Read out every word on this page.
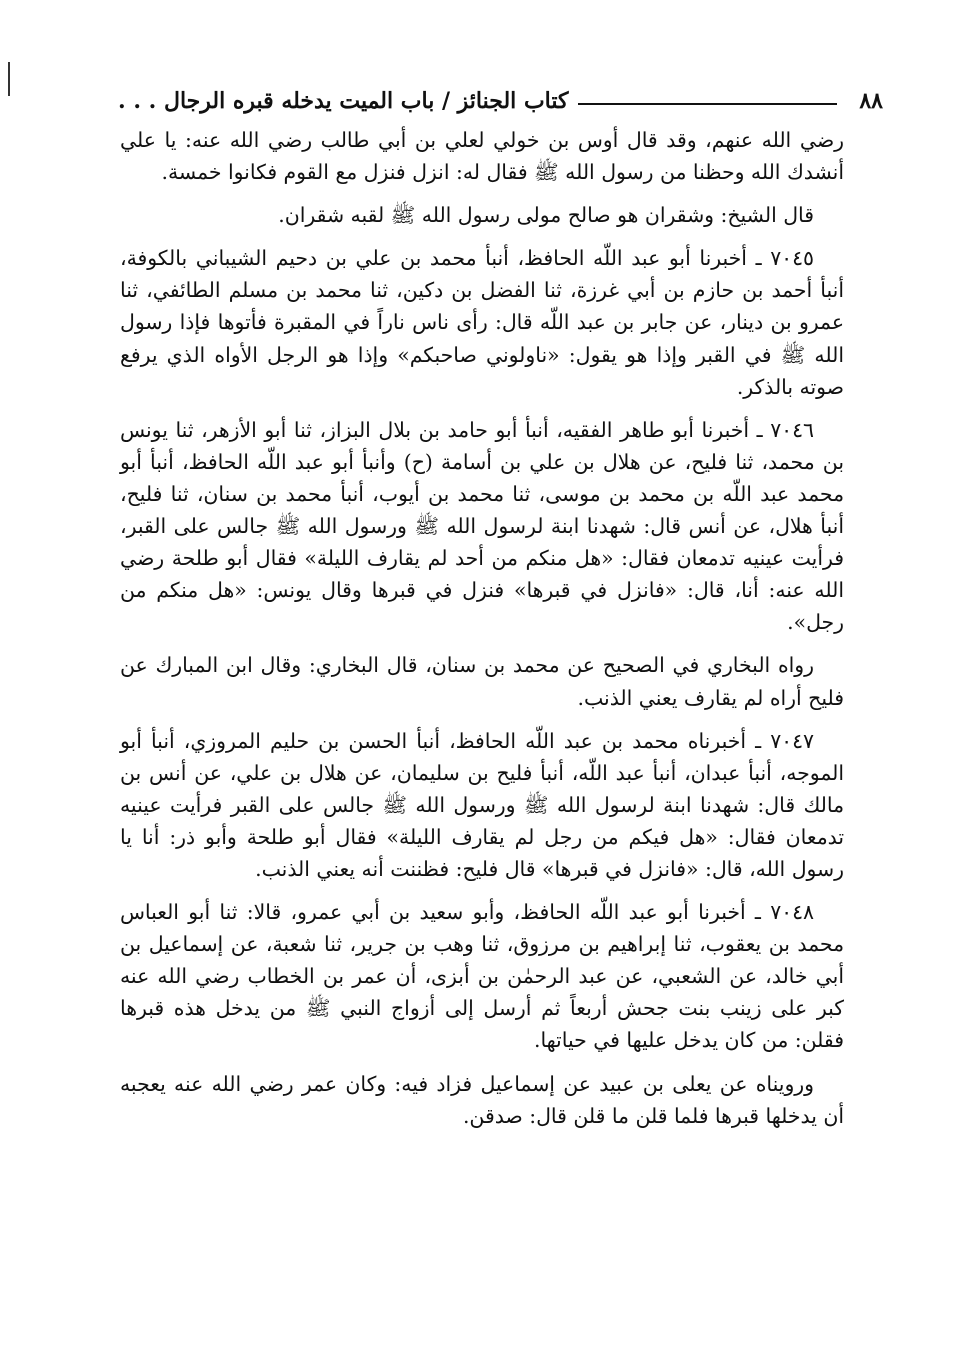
٨٨
كتاب الجنائز / باب الميت يدخله قبره الرجال . . .

رضي الله عنهم، وقد قال أوس بن خولي لعلي بن أبي طالب رضي الله عنه: يا علي أنشدك الله وحظنا من رسول الله ﷺ فقال له: انزل فنزل مع القوم فكانوا خمسة.

قال الشيخ: وشقران هو صالح مولى رسول الله ﷺ لقبه شقران.

٧٠٤٥ ـ أخبرنا أبو عبد اللّه الحافظ، أنبأ محمد بن علي بن دحيم الشيباني بالكوفة، أنبأ أحمد بن حازم بن أبي غرزة، ثنا الفضل بن دكين، ثنا محمد بن مسلم الطائفي، ثنا عمرو بن دينار، عن جابر بن عبد اللّه قال: رأى ناس ناراً في المقبرة فأتوها فإذا رسول الله ﷺ في القبر وإذا هو يقول: «ناولوني صاحبكم» وإذا هو الرجل الأواه الذي يرفع صوته بالذكر.

٧٠٤٦ ـ أخبرنا أبو طاهر الفقيه، أنبأ أبو حامد بن بلال البزاز، ثنا أبو الأزهر، ثنا يونس بن محمد، ثنا فليح، عن هلال بن علي بن أسامة (ح) وأنبأ أبو عبد اللّه الحافظ، أنبأ أبو محمد عبد اللّه بن محمد بن موسى، ثنا محمد بن أيوب، أنبأ محمد بن سنان، ثنا فليح، أنبأ هلال، عن أنس قال: شهدنا ابنة لرسول الله ﷺ ورسول الله ﷺ جالس على القبر، فرأيت عينيه تدمعان فقال: «هل منكم من أحد لم يقارف الليلة» فقال أبو طلحة رضي الله عنه: أنا، قال: «فانزل في قبرها» فنزل في قبرها وقال يونس: «هل منكم من رجل».

رواه البخاري في الصحيح عن محمد بن سنان، قال البخاري: وقال ابن المبارك عن فليح أراه لم يقارف يعني الذنب.

٧٠٤٧ ـ أخبرناه محمد بن عبد اللّه الحافظ، أنبأ الحسن بن حليم المروزي، أنبأ أبو الموجه، أنبأ عبدان، أنبأ عبد اللّه، أنبأ فليح بن سليمان، عن هلال بن علي، عن أنس بن مالك قال: شهدنا ابنة لرسول الله ﷺ ورسول الله ﷺ جالس على القبر فرأيت عينيه تدمعان فقال: «هل فيكم من رجل لم يقارف الليلة» فقال أبو طلحة وأبو ذر: أنا يا رسول الله، قال: «فانزل في قبرها» قال فليح: فظننت أنه يعني الذنب.

٧٠٤٨ ـ أخبرنا أبو عبد اللّه الحافظ، وأبو سعيد بن أبي عمرو، قالا: ثنا أبو العباس محمد بن يعقوب، ثنا إبراهيم بن مرزوق، ثنا وهب بن جرير، ثنا شعبة، عن إسماعيل بن أبي خالد، عن الشعبي، عن عبد الرحمٰن بن أبزى، أن عمر بن الخطاب رضي الله عنه كبر على زينب بنت جحش أربعاً ثم أرسل إلى أزواج النبي ﷺ من يدخل هذه قبرها فقلن: من كان يدخل عليها في حياتها.

ورويناه عن يعلى بن عبيد عن إسماعيل فزاد فيه: وكان عمر رضي الله عنه يعجبه أن يدخلها قبرها فلما قلن ما قلن قال: صدقن.
